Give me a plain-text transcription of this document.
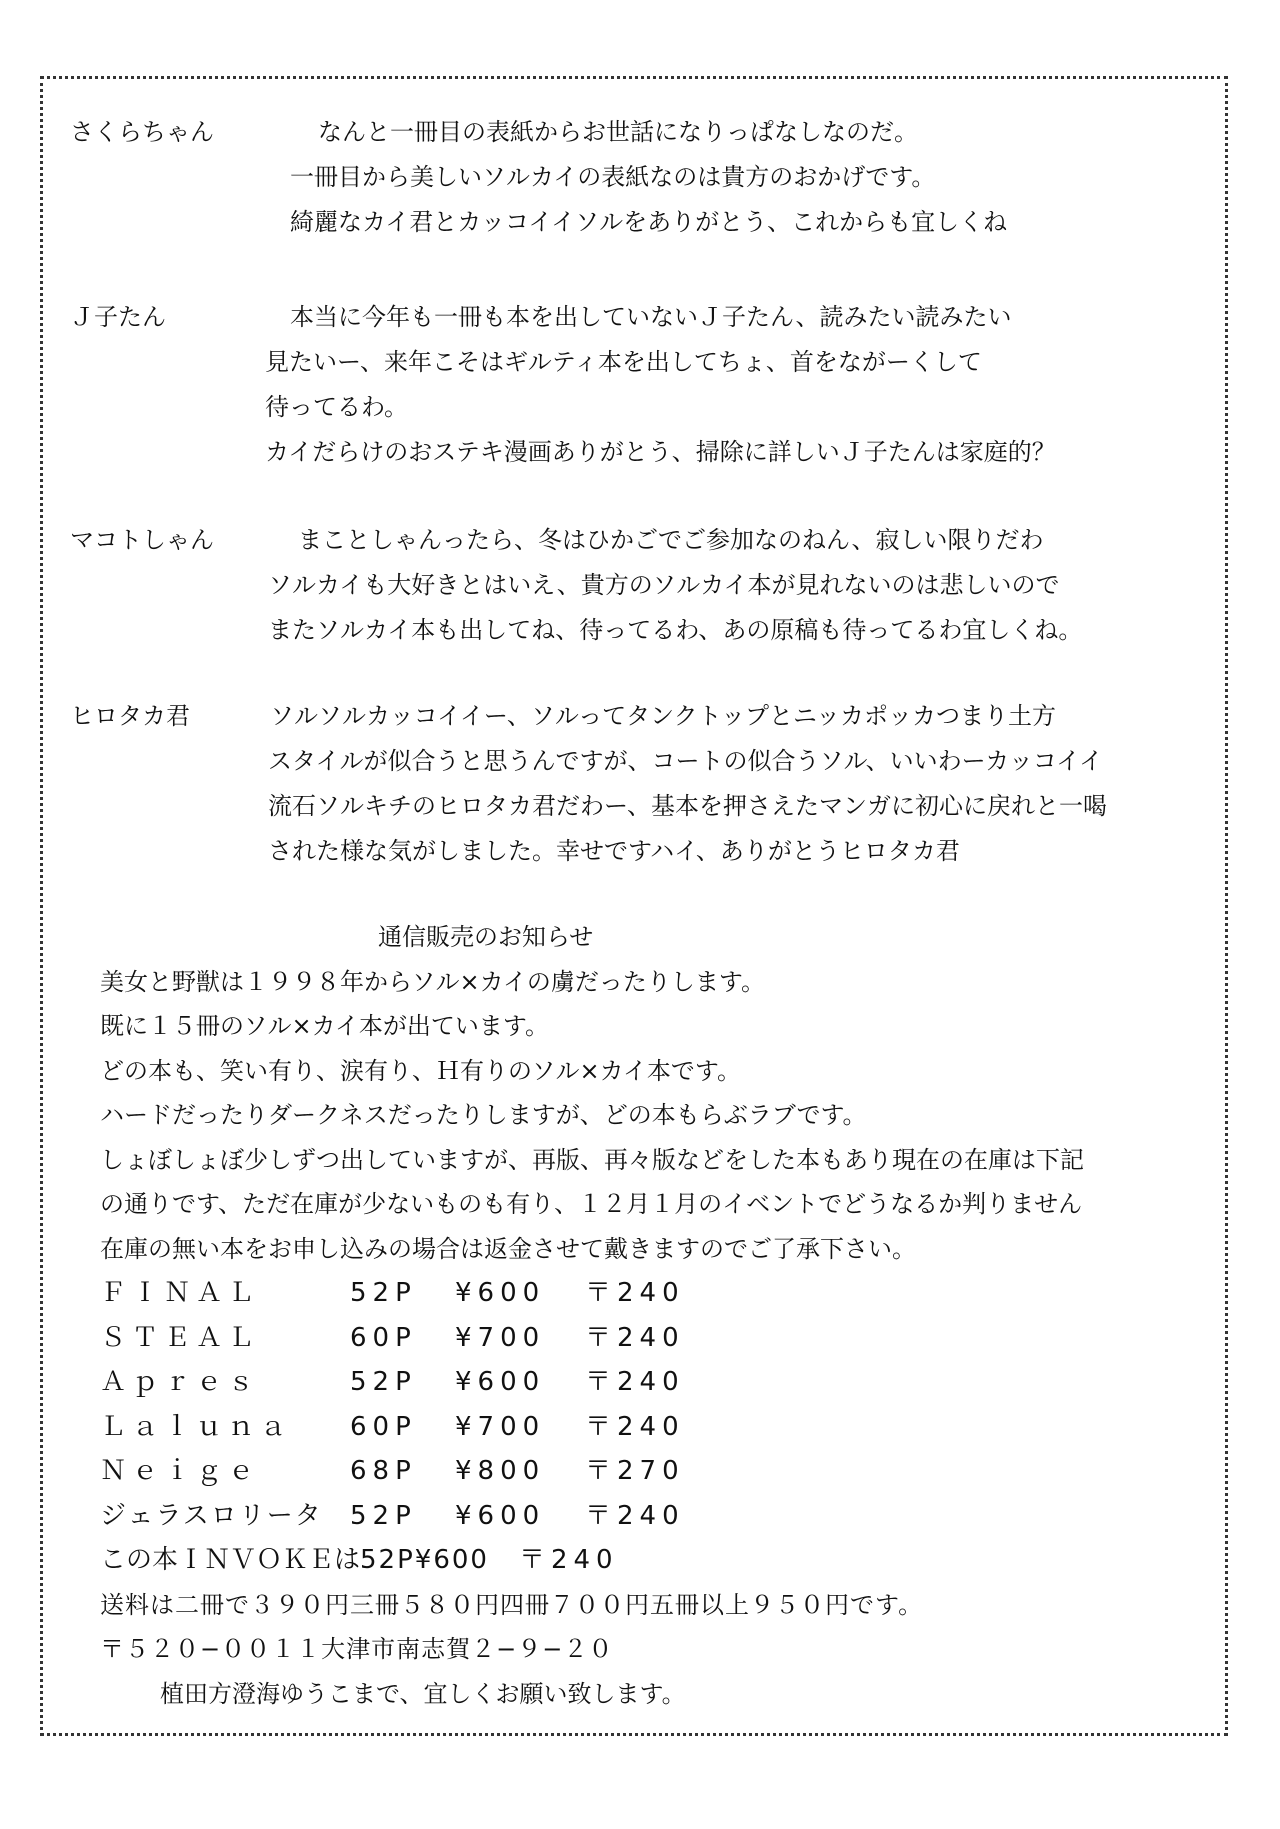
さくらちゃん	なんと一冊目の表紙からお世話になりっぱなしなのだ。
一冊目から美しいソルカイの表紙なのは貴方のおかげです。
綺麗なカイ君とカッコイイソルをありがとう、これからも宜しくね
Ｊ子たん	本当に今年も一冊も本を出していないＪ子たん、読みたい読みたい
見たいー、来年こそはギルティ本を出してちょ、首をながーくして
待ってるわ。
カイだらけのおステキ漫画ありがとう、掃除に詳しいＪ子たんは家庭的？
マコトしゃん	まことしゃんったら、冬はひかごでご参加なのねん、寂しい限りだわ
ソルカイも大好きとはいえ、貴方のソルカイ本が見れないのは悲しいので
またソルカイ本も出してね、待ってるわ、あの原稿も待ってるわ宜しくね。
ヒロタカ君	ソルソルカッコイイー、ソルってタンクトップとニッカポッカつまり土方
スタイルが似合うと思うんですが、コートの似合うソル、いいわーカッコイイ
流石ソルキチのヒロタカ君だわー、基本を押さえたマンガに初心に戻れと一喝
された様な気がしました。幸せですハイ、ありがとうヒロタカ君
通信販売のお知らせ
美女と野獣は１９９８年からソル×カイの虜だったりします。
既に１５冊のソル×カイ本が出ています。
どの本も、笑い有り、涙有り、Ｈ有りのソル×カイ本です。
ハードだったりダークネスだったりしますが、どの本もらぶラブです。
しょぼしょぼ少しずつ出していますが、再版、再々版などをした本もあり現在の在庫は下記
の通りです、ただ在庫が少ないものも有り、１２月１月のイベントでどうなるか判りません
在庫の無い本をお申し込みの場合は返金させて戴きますのでご了承下さい。
ＦＩＮＡＬ	52P	¥600	〒240
ＳＴＥＡＬ	60P	¥700	〒240
Ａｐｒｅｓ	52P	¥600	〒240
Ｌａｌｕｎａ	60P	¥700	〒240
Ｎｅｉｇｅ	68P	¥800	〒270
ジェラスロリータ	52P	¥600	〒240
この本ＩＮＶＯＫＥは 52P ¥600 〒240
送料は二冊で３９０円三冊５８０円四冊７００円五冊以上９５０円です。
〒５２０−００１１大津市南志賀２−９−２０
植田方澄海ゆうこまで、宜しくお願い致します。
